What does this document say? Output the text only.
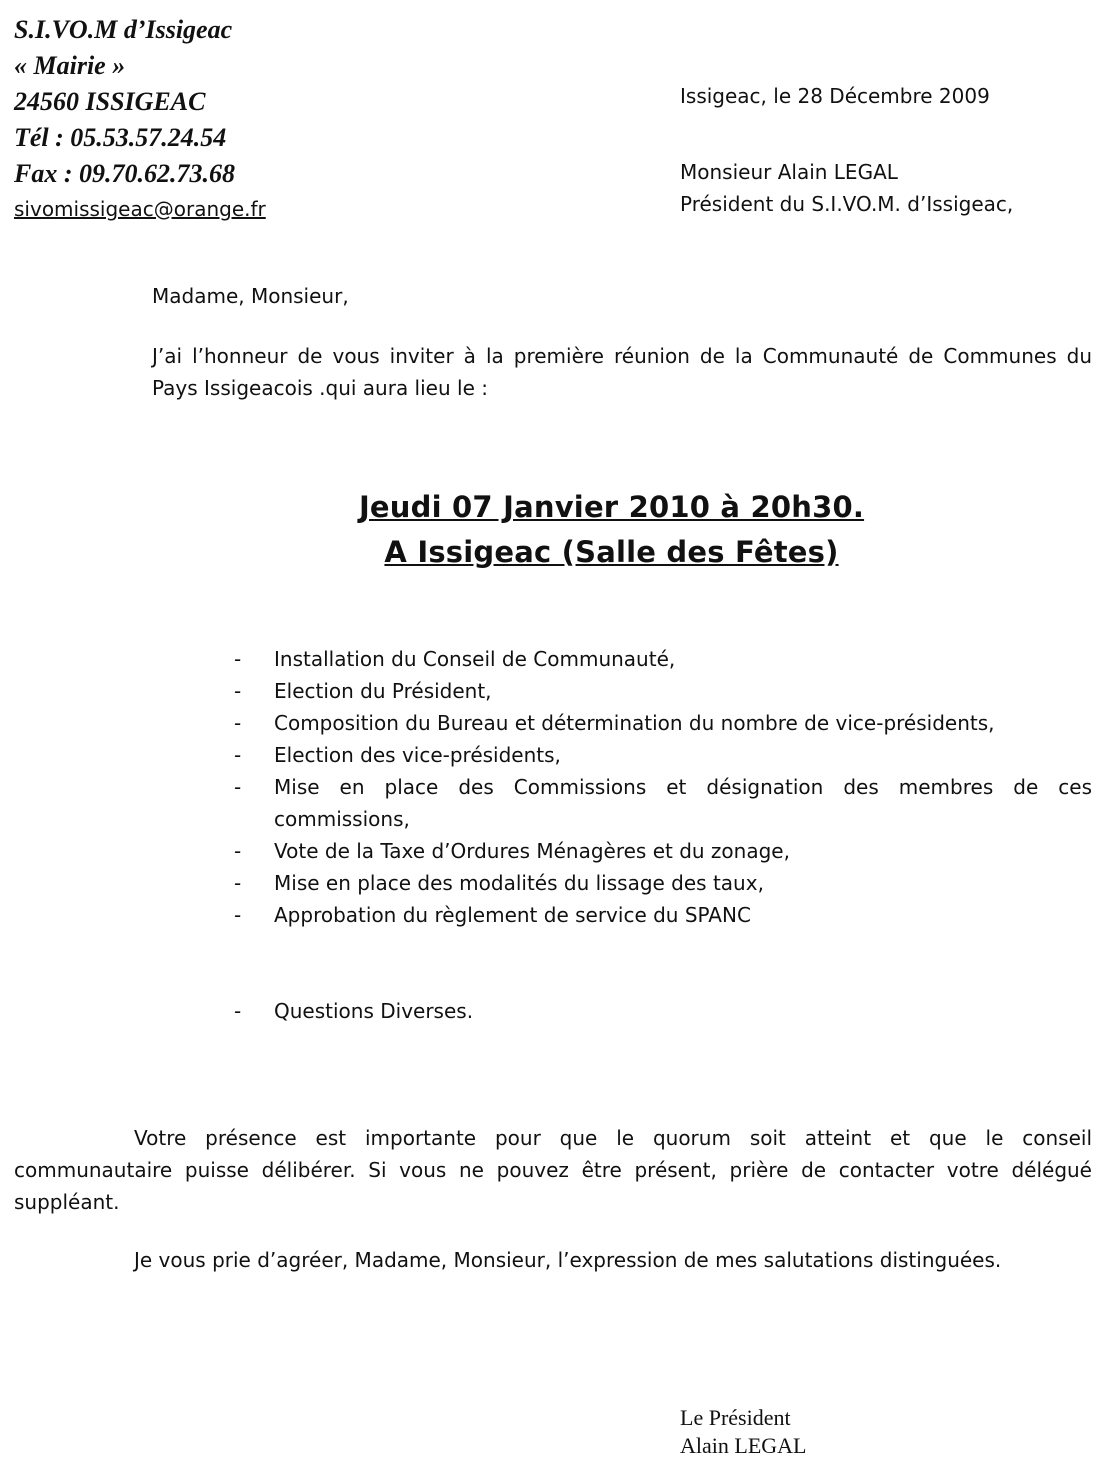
S.I.VO.M d’Issigeac
« Mairie »
24560 ISSIGEAC
Tél : 05.53.57.24.54
Fax : 09.70.62.73.68
sivomissigeac@orange.fr
Issigeac, le 28 Décembre 2009
Monsieur Alain LEGAL
Président du S.I.VO.M. d’Issigeac,
Madame, Monsieur,
J’ai l’honneur de vous inviter à la première réunion de la Communauté de Communes du Pays Issigeacois .qui aura lieu le :
Jeudi 07 Janvier 2010 à 20h30.
A Issigeac (Salle des Fêtes)
- Installation du Conseil de Communauté,
- Election du Président,
- Composition du Bureau et détermination du nombre de vice-présidents,
- Election des vice-présidents,
- Mise en place des Commissions et désignation des membres de ces commissions,
- Vote de la Taxe d’Ordures Ménagères et du zonage,
- Mise en place des modalités du lissage des taux,
- Approbation du règlement de service du SPANC
- Questions Diverses.
Votre présence est importante pour que le quorum soit atteint et que le conseil communautaire puisse délibérer. Si vous ne pouvez être présent, prière de contacter votre délégué suppléant.
Je vous prie d’agréer, Madame, Monsieur, l’expression de mes salutations distinguées.
Le Président
Alain LEGAL
